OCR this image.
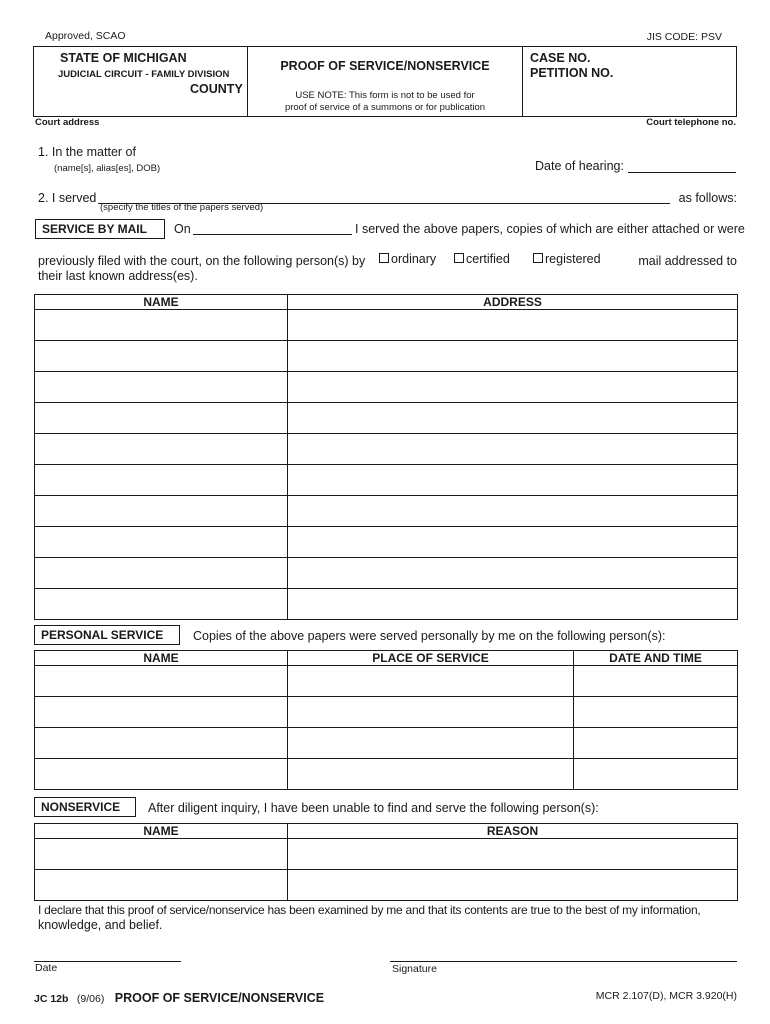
Approved, SCAO	JIS CODE: PSV
STATE OF MICHIGAN
JUDICIAL CIRCUIT - FAMILY DIVISION
COUNTY
PROOF OF SERVICE/NONSERVICE
USE NOTE: This form is not to be used for
proof of service of a summons or for publication
CASE NO.
PETITION NO.
Court address	Court telephone no.
1. In the matter of
(name[s], alias[es], DOB)	Date of hearing:
2. I served
(specify the titles of the papers served)
as follows:
SERVICE BY MAIL	On	I served the above papers, copies of which are either attached or were
previously filed with the court, on the following person(s) by	ordinary	certified	registered	mail addressed to
their last known address(es).
NAME	ADDRESS

PERSONAL SERVICE	Copies of the above papers were served personally by me on the following person(s):
NAME	PLACE OF SERVICE	DATE AND TIME

NONSERVICE	After diligent inquiry, I have been unable to find and serve the following person(s):
NAME	REASON

I declare that this proof of service/nonservice has been examined by me and that its contents are true to the best of my information,
knowledge, and belief.
Date	Signature
JC 12b (9/06) PROOF OF SERVICE/NONSERVICE	MCR 2.107(D), MCR 3.920(H)
